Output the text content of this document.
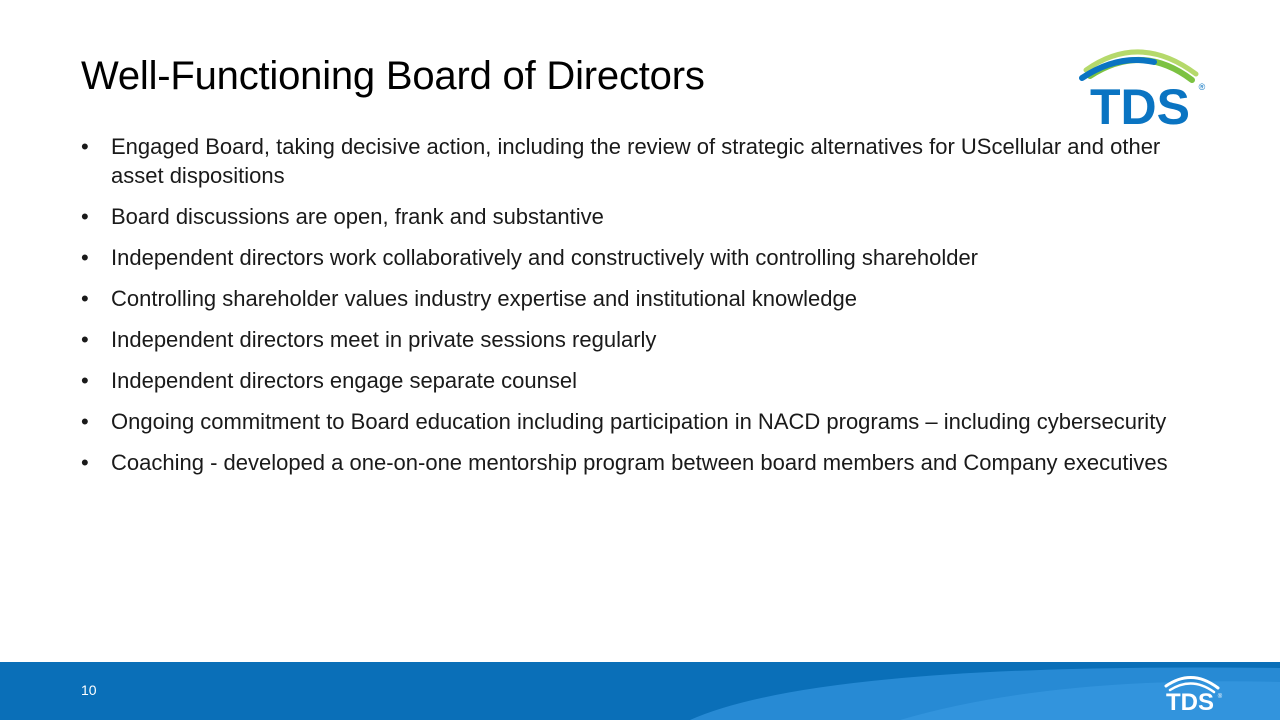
Well-Functioning Board of Directors
TDS ®
• Engaged Board, taking decisive action, including the review of strategic alternatives for UScellular and other asset dispositions
• Board discussions are open, frank and substantive
• Independent directors work collaboratively and constructively with controlling shareholder
• Controlling shareholder values industry expertise and institutional knowledge
• Independent directors meet in private sessions regularly
• Independent directors engage separate counsel
• Ongoing commitment to Board education including participation in NACD programs – including cybersecurity
• Coaching - developed a one-on-one mentorship program between board members and Company executives
10	TDS ®
